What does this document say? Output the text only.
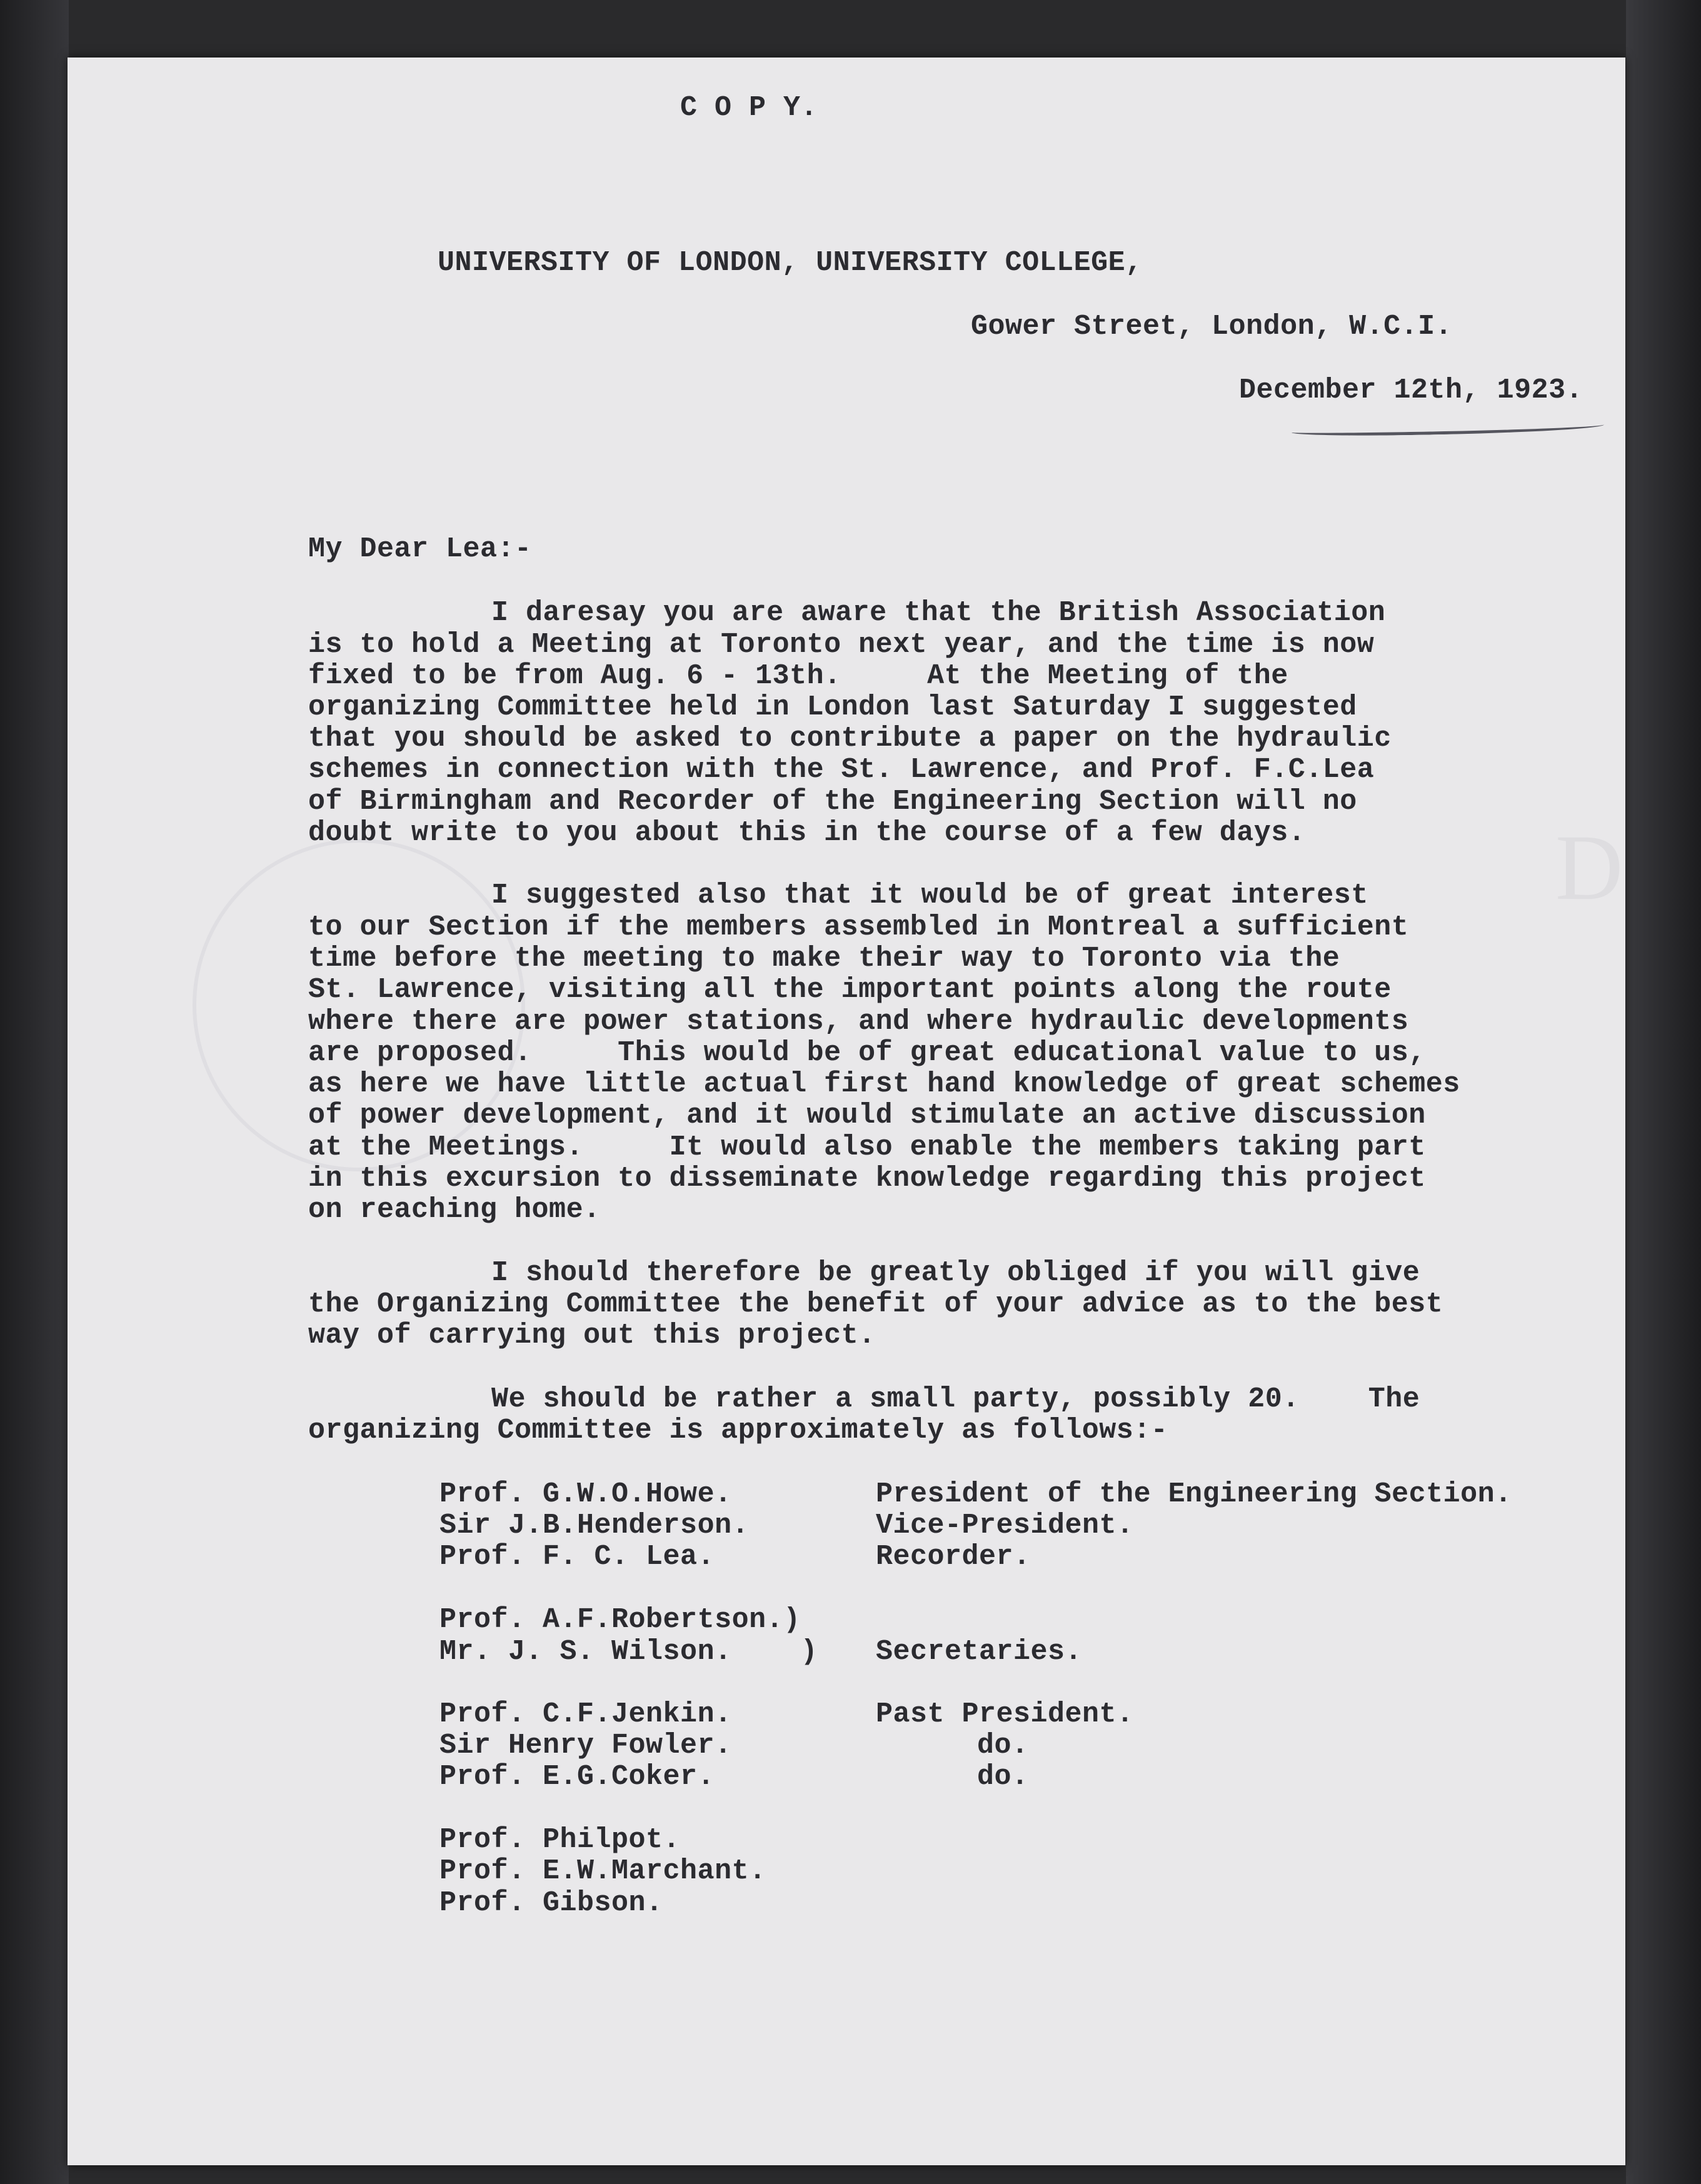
D
C O P Y.
UNIVERSITY OF LONDON, UNIVERSITY COLLEGE,
Gower Street, London, W.C.I.
December 12th, 1923.
My Dear Lea:-
I daresay you are aware that the British Association
is to hold a Meeting at Toronto next year, and the time is now
fixed to be from Aug. 6 - 13th.     At the Meeting of the
organizing Committee held in London last Saturday I suggested
that you should be asked to contribute a paper on the hydraulic
schemes in connection with the St. Lawrence, and Prof. F.C.Lea
of Birmingham and Recorder of the Engineering Section will no
doubt write to you about this in the course of a few days.
I suggested also that it would be of great interest
to our Section if the members assembled in Montreal a sufficient
time before the meeting to make their way to Toronto via the
St. Lawrence, visiting all the important points along the route
where there are power stations, and where hydraulic developments
are proposed.     This would be of great educational value to us,
as here we have little actual first hand knowledge of great schemes
of power development, and it would stimulate an active discussion
at the Meetings.     It would also enable the members taking part
in this excursion to disseminate knowledge regarding this project
on reaching home.
I should therefore be greatly obliged if you will give
the Organizing Committee the benefit of your advice as to the best
way of carrying out this project.
We should be rather a small party, possibly 20.    The
organizing Committee is approximately as follows:-
Prof. G.W.O.Howe.
Sir J.B.Henderson.
Prof. F. C. Lea.
Prof. A.F.Robertson.)
Mr. J. S. Wilson.    )
Prof. C.F.Jenkin.
Sir Henry Fowler.
Prof. E.G.Coker.
Prof. Philpot.
Prof. E.W.Marchant.
Prof. Gibson.
President of the Engineering Section.
Vice-President.
Recorder.
Secretaries.
Past President.
do.
do.
